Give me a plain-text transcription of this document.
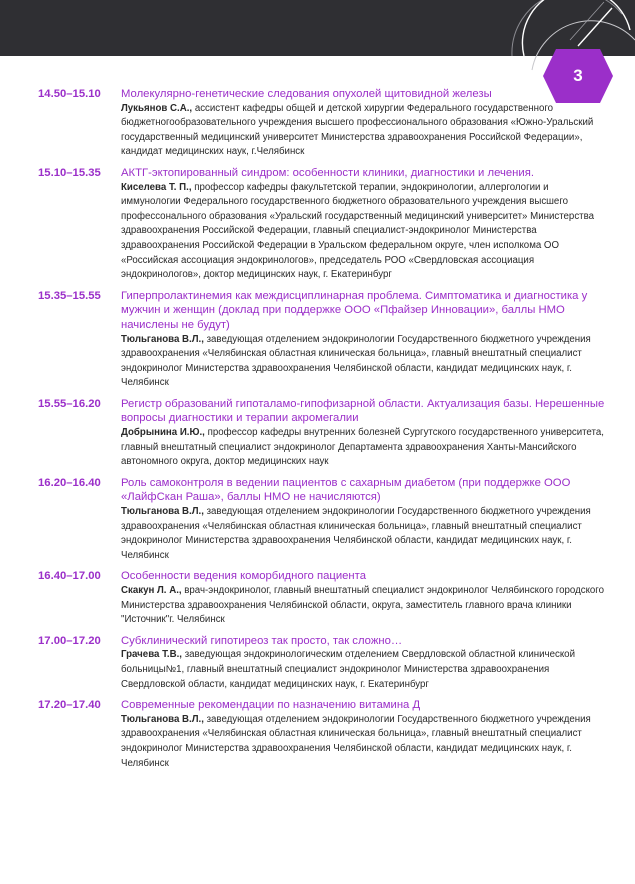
3
14.50–15.10	Молекулярно-генетические следования опухолей щитовидной железы
Лукьянов С.А., ассистент кафедры общей и детской хирургии Федерального государственного бюджетногообразовательного учреждения высшего профессионального образования «Южно-Уральский государственный медицинский университет Министерства здравоохранения Российской Федерации», кандидат медицинских наук, г.Челябинск
15.10–15.35	АКТГ-эктопированный синдром: особенности клиники, диагностики и лечения.
Киселева Т. П., профессор кафедры факультетской терапии, эндокринологии, аллергологии и иммунологии Федерального государственного бюджетного образовательного учреждения высшего профессонального образования «Уральский государственный медицинский университет» Министерства здравоохранения Российской Федерации, главный специалист-эндокринолог Министерства здравоохранения Российской Федерации в Уральском федеральном округе, член исполкома ОО «Российская ассоциация эндокринологов», председатель РОО «Свердловская ассоциация эндокринологов», доктор медицинских наук, г. Екатеринбург
15.35–15.55	Гиперпролактинемия как междисциплинарная проблема. Симптоматика и диагностика у мужчин и женщин (доклад при поддержке ООО «Пфайзер Инновации», баллы НМО начислены не будут)
Тюльганова В.Л., заведующая отделением эндокринологии Государственного бюджетного учреждения здравоохранения «Челябинская областная клиническая больница», главный внештатный специалист эндокринолог Министерства здравоохранения Челябинской области, кандидат медицинских наук, г. Челябинск
15.55–16.20	Регистр образований гипоталамо-гипофизарной области. Актуализация базы. Нерешенные вопросы диагностики и терапии акромегалии
Добрынина И.Ю., профессор кафедры внутренних болезней Сургутского государственного университета, главный внештатный специалист эндокринолог Департамента здравоохранения Ханты-Мансийского автономного округа, доктор медицинских наук
16.20–16.40	Роль самоконтроля в ведении пациентов с сахарным диабетом (при поддержке ООО «ЛайфСкан Раша», баллы НМО не начисляются)
Тюльганова В.Л., заведующая отделением эндокринологии Государственного бюджетного учреждения здравоохранения «Челябинская областная клиническая больница», главный внештатный специалист эндокринолог Министерства здравоохранения Челябинской области, кандидат медицинских наук, г. Челябинск
16.40–17.00	Особенности ведения коморбидного пациента
Скакун Л. А., врач-эндокринолог, главный внештатный специалист эндокринолог Челябинского городского Министерства здравоохранения Челябинской области, округа, заместитель главного врача клиники "Источник"г. Челябинск
17.00–17.20	Субклинический гипотиреоз так просто, так сложно…
Грачева Т.В., заведующая эндокринологическим отделением Свердловской областной клинической больницы№1, главный внештатный специалист эндокринолог Министерства здравоохранения Свердловской области, кандидат медицинских наук, г. Екатеринбург
17.20–17.40	Современные рекомендации по назначению витамина Д
Тюльганова В.Л., заведующая отделением эндокринологии Государственного бюджетного учреждения здравоохранения «Челябинская областная клиническая больница», главный внештатный специалист эндокринолог Министерства здравоохранения Челябинской области, кандидат медицинских наук, г. Челябинск
